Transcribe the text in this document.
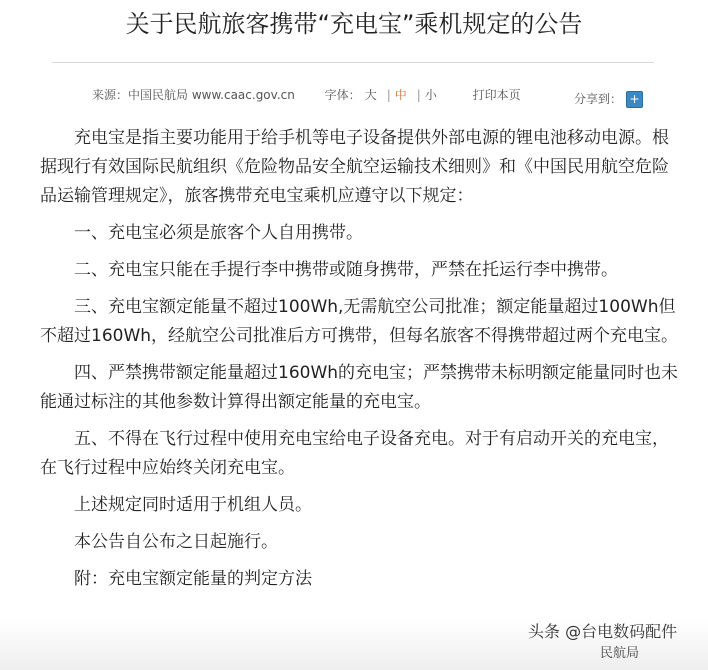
关于民航旅客携带“充电宝”乘机规定的公告
来源：中国民航局 www.caac.gov.cn 字体： 大 | 中 | 小	打印本页	分享到： +

充电宝是指主要功能用于给手机等电子设备提供外部电源的锂电池移动电源。根据现行有效国际民航组织《危险物品安全航空运输技术细则》和《中国民用航空危险品运输管理规定》，旅客携带充电宝乘机应遵守以下规定：

一、充电宝必须是旅客个人自用携带。

二、充电宝只能在手提行李中携带或随身携带，严禁在托运行李中携带。

三、充电宝额定能量不超过100Wh,无需航空公司批准；额定能量超过100Wh但不超过160Wh，经航空公司批准后方可携带，但每名旅客不得携带超过两个充电宝。

四、严禁携带额定能量超过160Wh的充电宝；严禁携带未标明额定能量同时也未能通过标注的其他参数计算得出额定能量的充电宝。

五、不得在飞行过程中使用充电宝给电子设备充电。对于有启动开关的充电宝，在飞行过程中应始终关闭充电宝。

上述规定同时适用于机组人员。

本公告自公布之日起施行。

附：充电宝额定能量的判定方法

头条 @台电数码配件
民航局
